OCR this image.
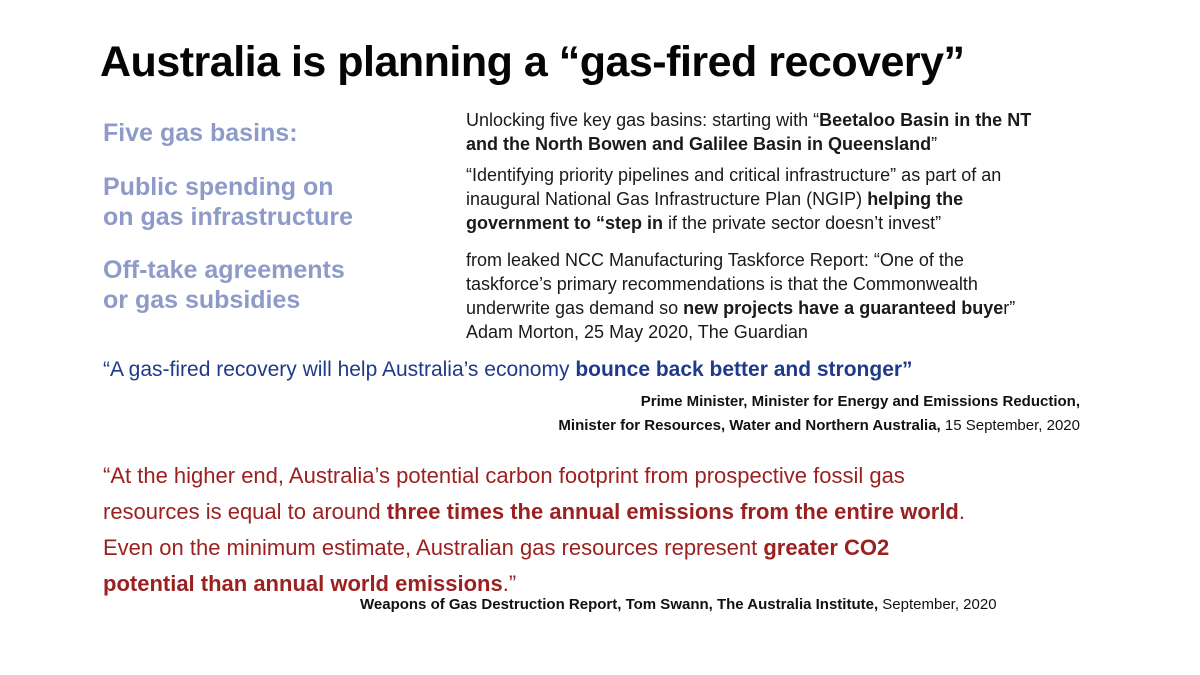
Australia is planning a “gas-fired recovery”
Five gas basins:	Unlocking five key gas basins: starting with “Beetaloo Basin in the NT
and the North Bowen and Galilee Basin in Queensland”
Public spending on
on gas infrastructure
“Identifying priority pipelines and critical infrastructure” as part of an
inaugural National Gas Infrastructure Plan (NGIP) helping the
government to “step in if the private sector doesn’t invest”
Off-take agreements
or gas subsidies
from leaked NCC Manufacturing Taskforce Report: “One of the
taskforce’s primary recommendations is that the Commonwealth
underwrite gas demand so new projects have a guaranteed buyer”
Adam Morton, 25 May 2020, The Guardian
“A gas-fired recovery will help Australia’s economy bounce back better and stronger”
Prime Minister, Minister for Energy and Emissions Reduction,
Minister for Resources, Water and Northern Australia, 15 September, 2020
“At the higher end, Australia’s potential carbon footprint from prospective fossil gas
resources is equal to around three times the annual emissions from the entire world.
Even on the minimum estimate, Australian gas resources represent greater CO2
potential than annual world emissions.”
Weapons of Gas Destruction Report, Tom Swann, The Australia Institute, September, 2020
